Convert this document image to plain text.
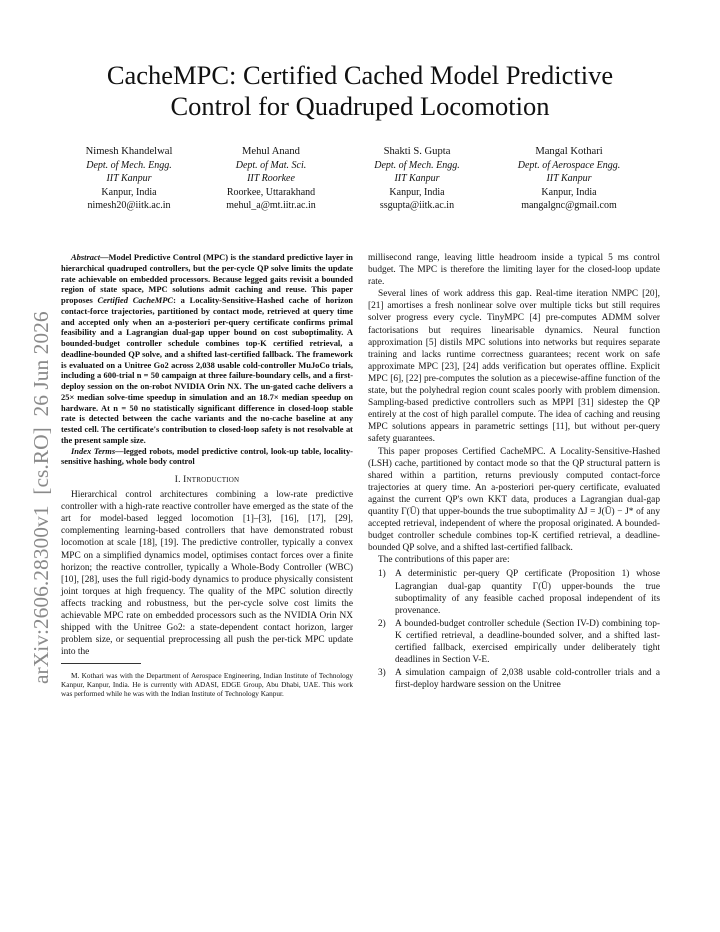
arXiv:2606.28300v1  [cs.RO]  26 Jun 2026
CacheMPC: Certified Cached Model Predictive
Control for Quadruped Locomotion
Nimesh Khandelwal
Dept. of Mech. Engg.
IIT Kanpur
Kanpur, India
nimesh20@iitk.ac.in
Mehul Anand
Dept. of Mat. Sci.
IIT Roorkee
Roorkee, Uttarakhand
mehul_a@mt.iitr.ac.in
Shakti S. Gupta
Dept. of Mech. Engg.
IIT Kanpur
Kanpur, India
ssgupta@iitk.ac.in
Mangal Kothari
Dept. of Aerospace Engg.
IIT Kanpur
Kanpur, India
mangalgnc@gmail.com

Abstract—Model Predictive Control (MPC) is the standard predictive layer in hierarchical quadruped controllers, but the per-cycle QP solve limits the update rate achievable on embedded processors. Because legged gaits revisit a bounded region of state space, MPC solutions admit caching and reuse. This paper proposes Certified CacheMPC: a Locality-Sensitive-Hashed cache of horizon contact-force trajectories, partitioned by contact mode, retrieved at query time and accepted only when an a-posteriori per-query certificate confirms primal feasibility and a Lagrangian dual-gap upper bound on cost suboptimality. A bounded-budget controller schedule combines top-K certified retrieval, a deadline-bounded QP solve, and a shifted last-certified fallback. The framework is evaluated on a Unitree Go2 across 2,038 usable cold-controller MuJoCo trials, including a 600-trial n = 50 campaign at three failure-boundary cells, and a first-deploy session on the on-robot NVIDIA Orin NX. The un-gated cache delivers a 25× median solve-time speedup in simulation and an 18.7× median speedup on hardware. At n = 50 no statistically significant difference in closed-loop stable rate is detected between the cache variants and the no-cache baseline at any tested cell. The certificate's contribution to closed-loop safety is not resolvable at the present sample size.

Index Terms—legged robots, model predictive control, look-up table, locality-sensitive hashing, whole body control

I. Introduction

Hierarchical control architectures combining a low-rate predictive controller with a high-rate reactive controller have emerged as the state of the art for model-based legged locomotion [1]–[3], [16], [17], [29], complementing learning-based controllers that have demonstrated robust locomotion at scale [18], [19]. The predictive controller, typically a convex MPC on a simplified dynamics model, optimises contact forces over a finite horizon; the reactive controller, typically a Whole-Body Controller (WBC) [10], [28], uses the full rigid-body dynamics to produce physically consistent joint torques at high frequency. The quality of the MPC solution directly affects tracking and robustness, but the per-cycle solve cost limits the achievable MPC rate on embedded processors such as the NVIDIA Orin NX shipped with the Unitree Go2: a state-dependent contact horizon, larger problem size, or sequential preprocessing all push the per-tick MPC update into the

M. Kothari was with the Department of Aerospace Engineering, Indian Institute of Technology Kanpur, Kanpur, India. He is currently with ADASI, EDGE Group, Abu Dhabi, UAE. This work was performed while he was with the Indian Institute of Technology Kanpur.

millisecond range, leaving little headroom inside a typical 5 ms control budget. The MPC is therefore the limiting layer for the closed-loop update rate.

Several lines of work address this gap. Real-time iteration NMPC [20], [21] amortises a fresh nonlinear solve over multiple ticks but still requires solver progress every cycle. TinyMPC [4] pre-computes ADMM solver factorisations but requires linearisable dynamics. Neural function approximation [5] distils MPC solutions into networks but requires separate training and lacks runtime correctness guarantees; recent work on safe approximate MPC [23], [24] adds verification but operates offline. Explicit MPC [6], [22] pre-computes the solution as a piecewise-affine function of the state, but the polyhedral region count scales poorly with problem dimension. Sampling-based predictive controllers such as MPPI [31] sidestep the QP entirely at the cost of high parallel compute. The idea of caching and reusing MPC solutions appears in parametric settings [11], but without per-query safety guarantees.

This paper proposes Certified CacheMPC. A Locality-Sensitive-Hashed (LSH) cache, partitioned by contact mode so that the QP structural pattern is shared within a partition, returns previously computed contact-force trajectories at query time. An a-posteriori per-query certificate, evaluated against the current QP's own KKT data, produces a Lagrangian dual-gap quantity Γ(Ū) that upper-bounds the true suboptimality ΔJ = J(Ū) − J* of any accepted retrieval, independent of where the proposal originated. A bounded-budget controller schedule combines top-K certified retrieval, a deadline-bounded QP solve, and a shifted last-certified fallback.

The contributions of this paper are:

1) A deterministic per-query QP certificate (Proposition 1) whose Lagrangian dual-gap quantity Γ(Ū) upper-bounds the true suboptimality of any feasible cached proposal independent of its provenance.
2) A bounded-budget controller schedule (Section IV-D) combining top-K certified retrieval, a deadline-bounded solver, and a shifted last-certified fallback, exercised empirically under deliberately tight deadlines in Section V-E.
3) A simulation campaign of 2,038 usable cold-controller trials and a first-deploy hardware session on the Unitree
